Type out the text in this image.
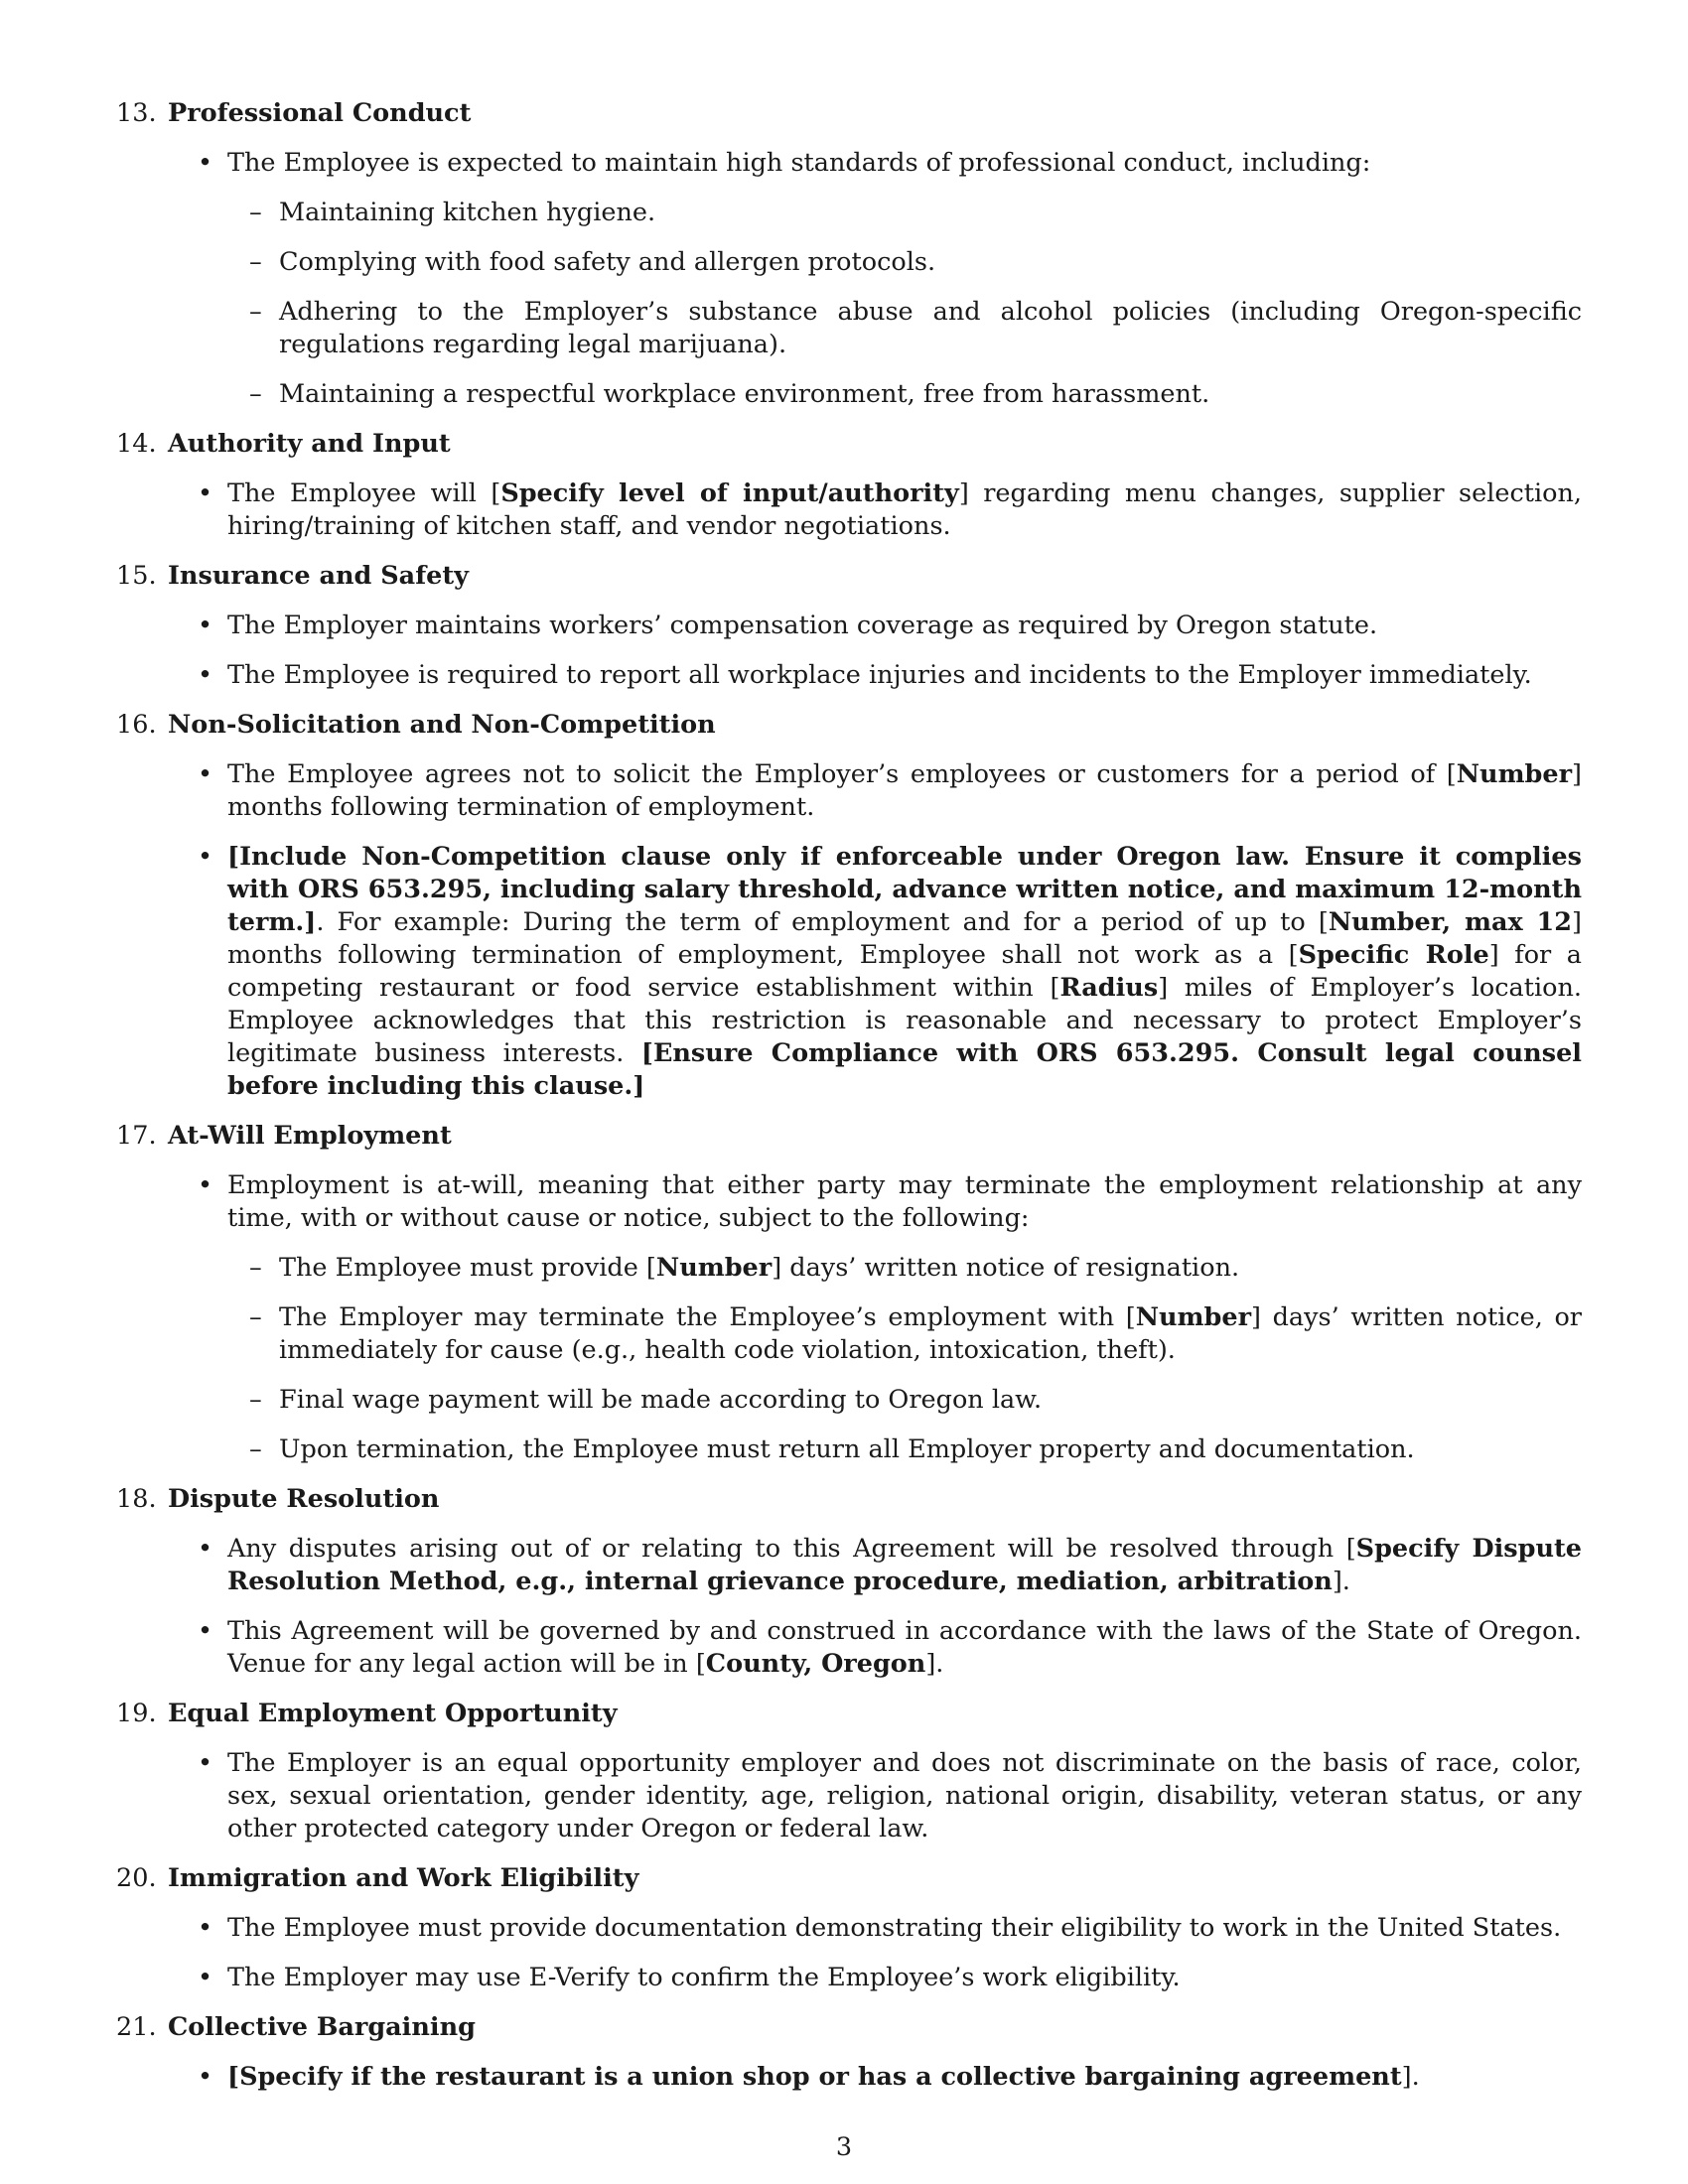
13. Professional Conduct
• The Employee is expected to maintain high standards of professional conduct, including:
– Maintaining kitchen hygiene.
– Complying with food safety and allergen protocols.
– Adhering to the Employer’s substance abuse and alcohol policies (including Oregon-specific regulations regarding legal marijuana).
– Maintaining a respectful workplace environment, free from harassment.
14. Authority and Input
• The Employee will [Specify level of input/authority] regarding menu changes, supplier selection, hiring/training of kitchen staff, and vendor negotiations.
15. Insurance and Safety
• The Employer maintains workers’ compensation coverage as required by Oregon statute.
• The Employee is required to report all workplace injuries and incidents to the Employer immediately.
16. Non-Solicitation and Non-Competition
• The Employee agrees not to solicit the Employer’s employees or customers for a period of [Number] months following termination of employment.
• [Include Non-Competition clause only if enforceable under Oregon law. Ensure it complies with ORS 653.295, including salary threshold, advance written notice, and maximum 12-month term.]. For example: During the term of employment and for a period of up to [Number, max 12] months following termination of employment, Employee shall not work as a [Specific Role] for a competing restaurant or food service establishment within [Radius] miles of Employer’s location. Employee acknowledges that this restriction is reasonable and necessary to protect Employer’s legitimate business interests. [Ensure Compliance with ORS 653.295. Consult legal counsel before including this clause.]
17. At-Will Employment
• Employment is at-will, meaning that either party may terminate the employment relationship at any time, with or without cause or notice, subject to the following:
– The Employee must provide [Number] days’ written notice of resignation.
– The Employer may terminate the Employee’s employment with [Number] days’ written notice, or immediately for cause (e.g., health code violation, intoxication, theft).
– Final wage payment will be made according to Oregon law.
– Upon termination, the Employee must return all Employer property and documentation.
18. Dispute Resolution
• Any disputes arising out of or relating to this Agreement will be resolved through [Specify Dispute Resolution Method, e.g., internal grievance procedure, mediation, arbitration].
• This Agreement will be governed by and construed in accordance with the laws of the State of Oregon. Venue for any legal action will be in [County, Oregon].
19. Equal Employment Opportunity
• The Employer is an equal opportunity employer and does not discriminate on the basis of race, color, sex, sexual orientation, gender identity, age, religion, national origin, disability, veteran status, or any other protected category under Oregon or federal law.
20. Immigration and Work Eligibility
• The Employee must provide documentation demonstrating their eligibility to work in the United States.
• The Employer may use E-Verify to confirm the Employee’s work eligibility.
21. Collective Bargaining
• [Specify if the restaurant is a union shop or has a collective bargaining agreement].
3
